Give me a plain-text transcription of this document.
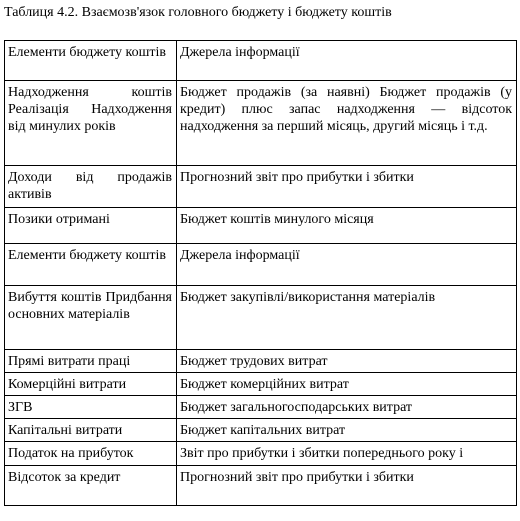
Таблиця 4.2. Взаємозв'язок головного бюджету і бюджету коштів
Елементи бюджету коштів	Джерела інформації
Надходження коштів Реалізація Надходження від минулих років	Бюджет продажів (за наявні) Бюджет продажів (у кредит) плюс запас надходження — відсоток надходження за перший місяць, другий місяць і т.д.
Доходи від продажів активів	Прогнозний звіт про прибутки і збитки
Позики отримані	Бюджет коштів минулого місяця
Елементи бюджету коштів	Джерела інформації
Вибуття коштів Придбання основних матеріалів	Бюджет закупівлі/використання матеріалів
Прямі витрати праці	Бюджет трудових витрат
Комерційні витрати	Бюджет комерційних витрат
ЗГВ	Бюджет загальногосподарських витрат
Капітальні витрати	Бюджет капітальних витрат
Податок на прибуток	Звіт про прибутки і збитки попереднього року і
Відсоток за кредит	Прогнозний звіт про прибутки і збитки
